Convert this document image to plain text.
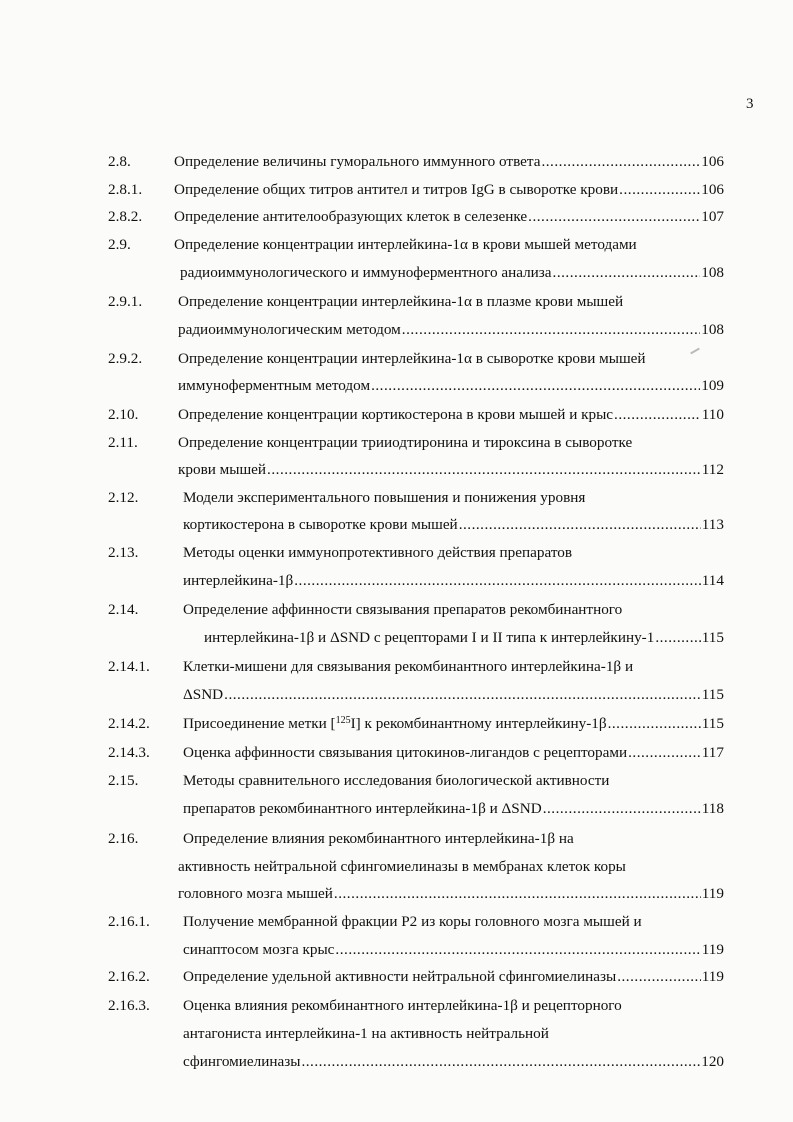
3
2.8.	Определение величины гуморального иммунного ответа .....	106
2.8.1. Определение общих титров антител и титров IgG в сыворотке крови .....	106
2.8.2. Определение антителообразующих клеток в селезенке .....	107
2.9.	Определение концентрации интерлейкина-1α в крови мышей методами
радиоиммунологического и иммуноферментного анализа .....	108
2.9.1. Определение концентрации интерлейкина-1α в плазме крови мышей
радиоиммунологическим методом .....	108
2.9.2. Определение концентрации интерлейкина-1α в сыворотке крови мышей
иммуноферментным методом .....	109
2.10.	Определение концентрации кортикостерона в крови мышей и крыс .....	110
2.11.	Определение концентрации трииодтиронина и тироксина в сыворотке
крови мышей .....	112
2.12.	Модели экспериментального повышения и понижения уровня
кортикостерона в сыворотке крови мышей .....	113
2.13.	Методы оценки иммунопротективного действия препаратов
интерлейкина-1β .....	114
2.14.	Определение аффинности связывания препаратов рекомбинантного
интерлейкина-1β и ΔSND с рецепторами I и II типа к интерлейкину-1 .....	115
2.14.1. Клетки-мишени для связывания рекомбинантного интерлейкина-1β и
ΔSND .....	115
2.14.2. Присоединение метки [$^{125}$I] к рекомбинантному интерлейкину-1β .....	115
2.14.3. Оценка аффинности связывания цитокинов-лигандов с рецепторами .....	117
2.15.	Методы сравнительного исследования биологической активности
препаратов рекомбинантного интерлейкина-1β и ΔSND .....	118
2.16.	Определение влияния рекомбинантного интерлейкина-1β на
активность нейтральной сфингомиелиназы в мембранах клеток коры
головного мозга мышей .....	119
2.16.1. Получение мембранной фракции Р2 из коры головного мозга мышей и
синаптосом мозга крыс .....	119
2.16.2. Определение удельной активности нейтральной сфингомиелиназы .....	119
2.16.3. Оценка влияния рекомбинантного интерлейкина-1β и рецепторного
антагониста интерлейкина-1 на активность нейтральной
сфингомиелиназы .....	120
